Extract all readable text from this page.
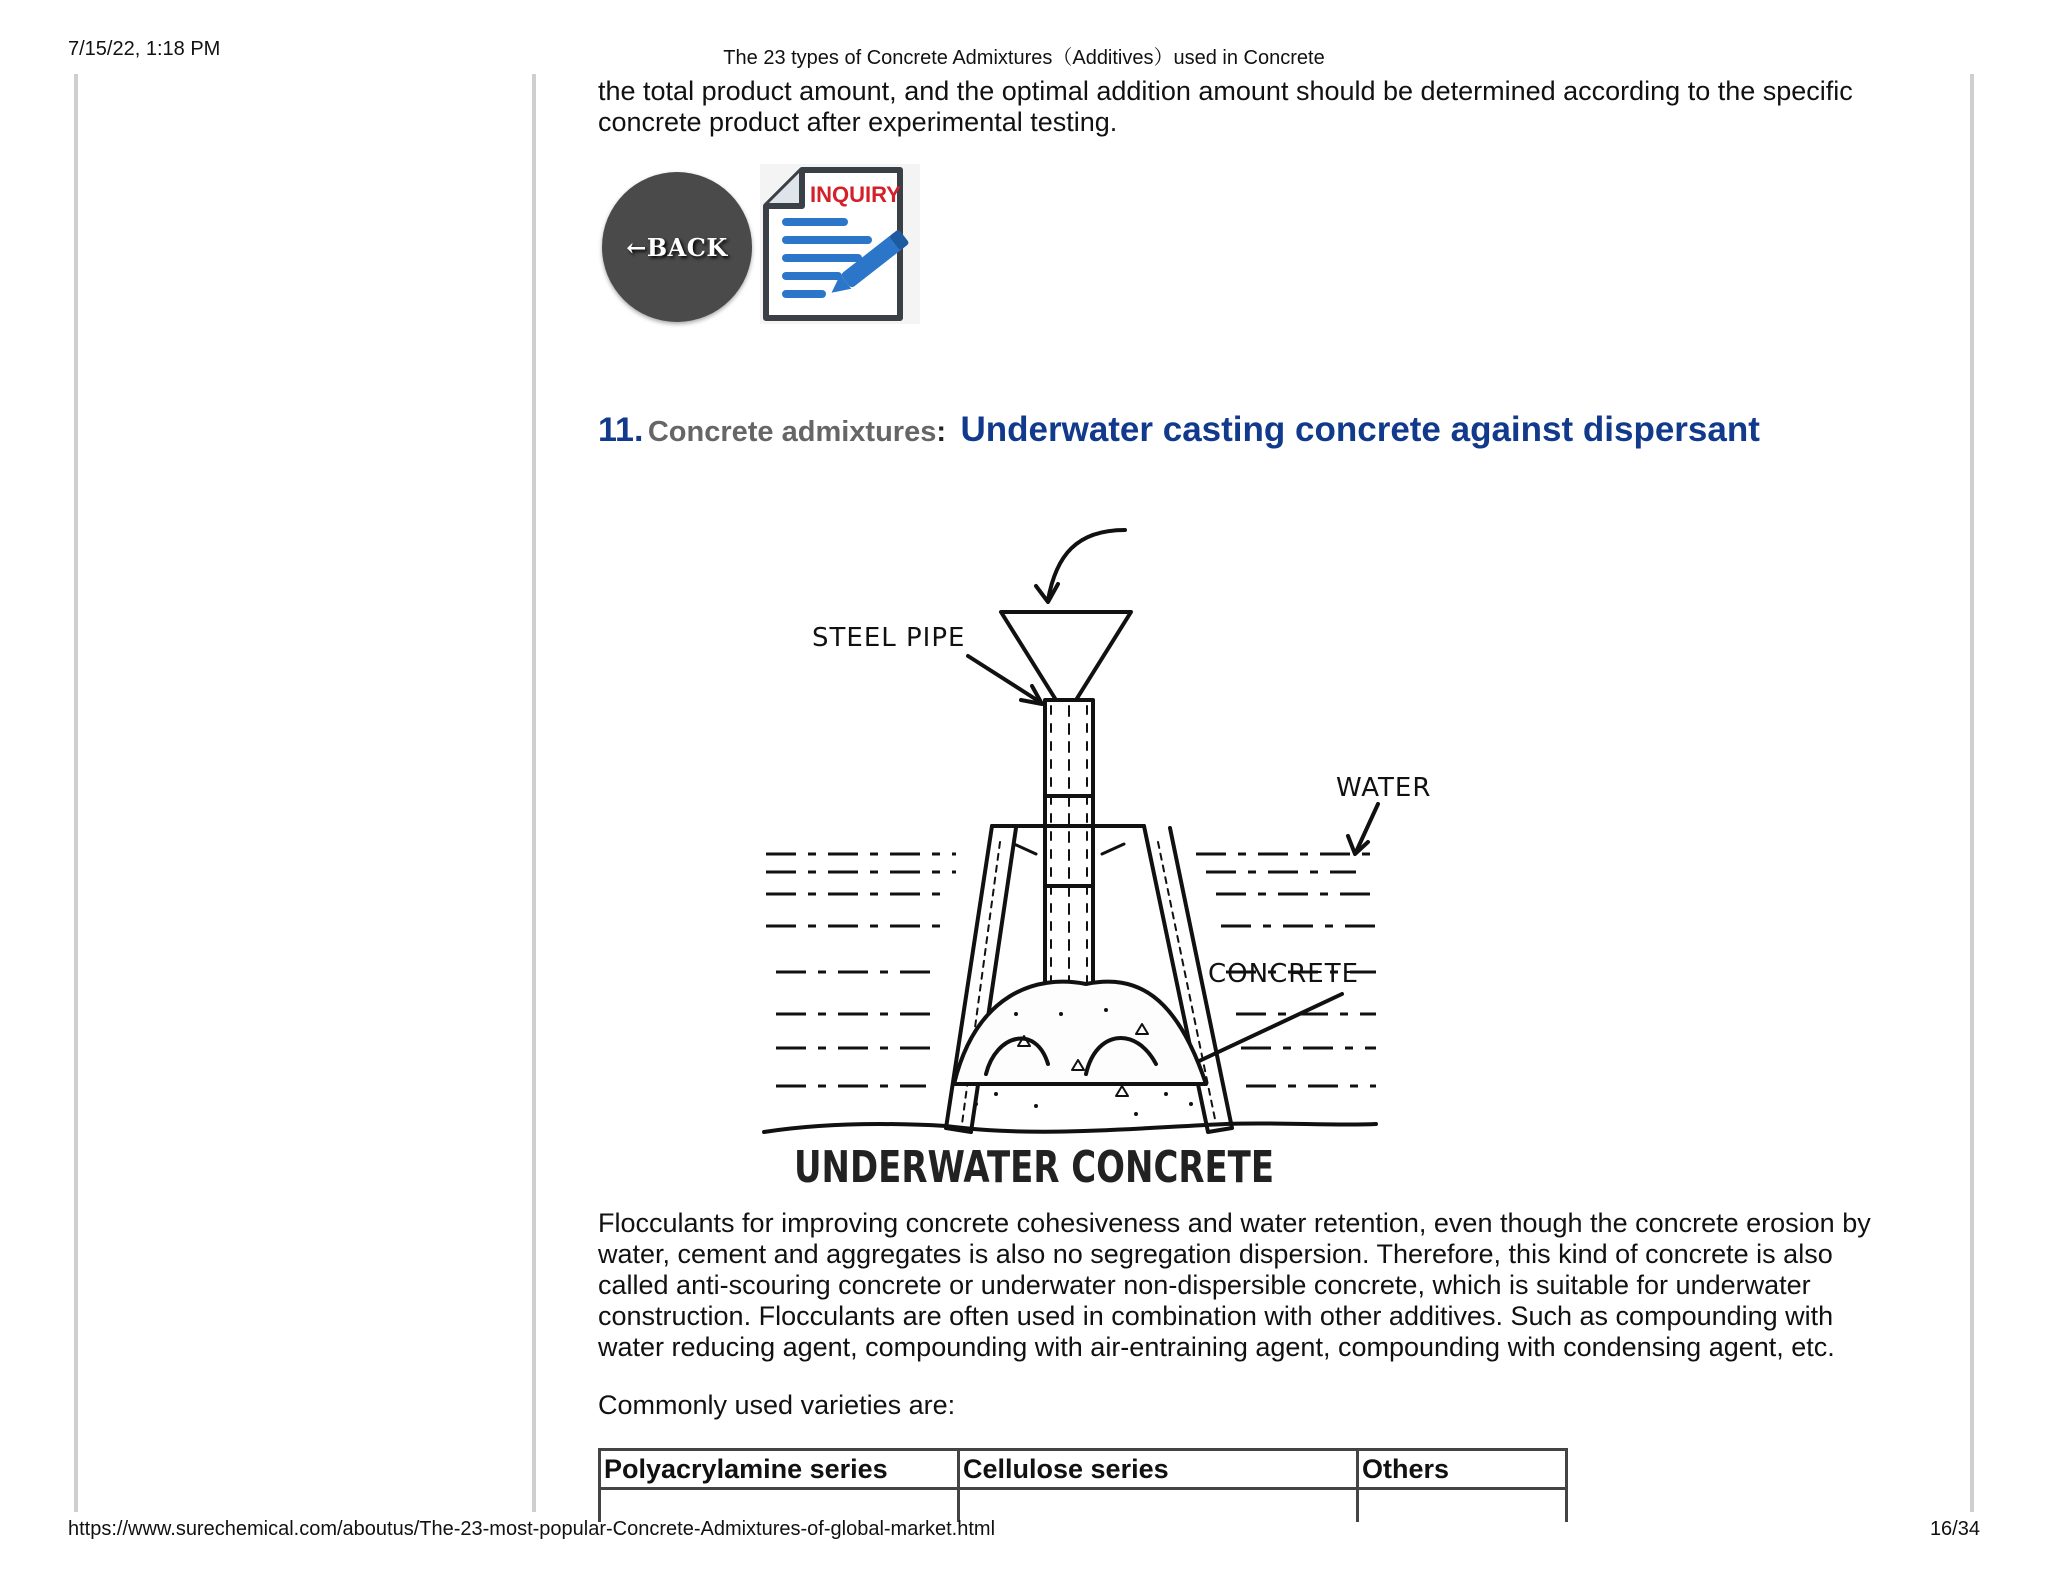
7/15/22, 1:18 PM	The 23 types of Concrete Admixtures（Additives）used in Concrete

the total product amount, and the optimal addition amount should be determined according to the specific concrete product after experimental testing.

←BACK
INQUIRY
11. Concrete admixtures: Underwater casting concrete against dispersant
STEEL PIPE
WATER
CONCRETE
UNDERWATER CONCRETE

Flocculants for improving concrete cohesiveness and water retention, even though the concrete erosion by water, cement and aggregates is also no segregation dispersion. Therefore, this kind of concrete is also called anti-scouring concrete or underwater non-dispersible concrete, which is suitable for underwater construction. Flocculants are often used in combination with other additives. Such as compounding with water reducing agent, compounding with air-entraining agent, compounding with condensing agent, etc.

Commonly used varieties are:

Polyacrylamine series	Cellulose series	Others

https://www.surechemical.com/aboutus/The-23-most-popular-Concrete-Admixtures-of-global-market.html	16/34
